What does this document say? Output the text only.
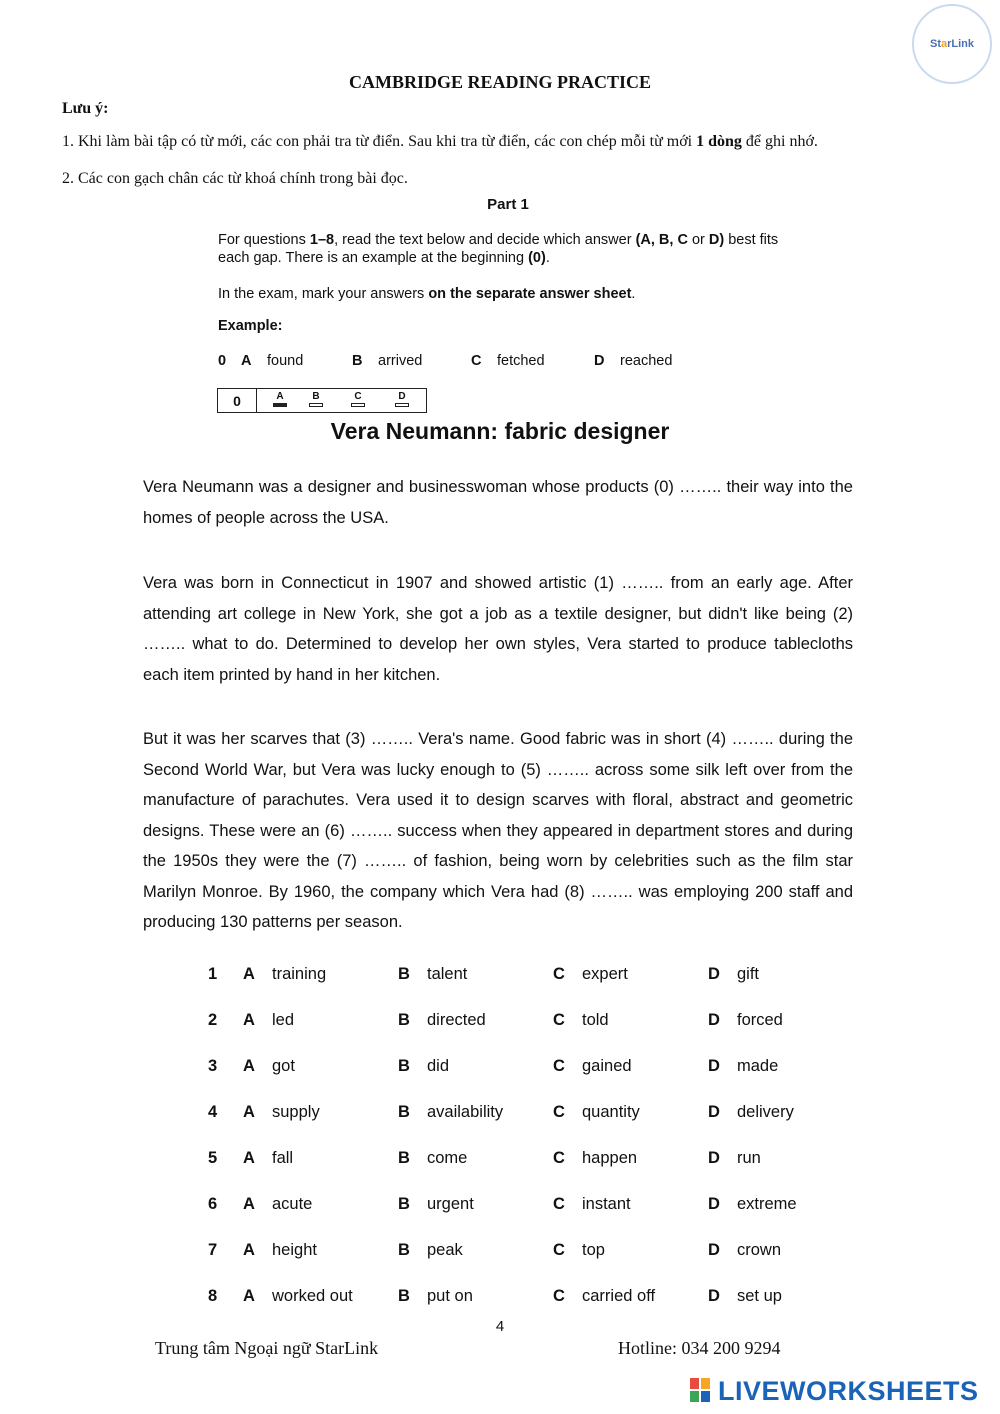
St a rLink
CAMBRIDGE READING PRACTICE
Lưu ý:
1. Khi làm bài tập có từ mới, các con phải tra từ điển. Sau khi tra từ điển, các con chép mỗi từ mới 1 dòng để ghi nhớ.
2. Các con gạch chân các từ khoá chính trong bài đọc.
Part 1
For questions 1–8, read the text below and decide which answer (A, B, C or D) best fits each gap. There is an example at the beginning (0).
In the exam, mark your answers on the separate answer sheet.
Example:
0 A found	B arrived	C fetched	D reached
0	A	B	C	D
Vera Neumann: fabric designer
Vera Neumann was a designer and businesswoman whose products (0) …….. their way into the homes of people across the USA.
Vera was born in Connecticut in 1907 and showed artistic (1) …….. from an early age. After attending art college in New York, she got a job as a textile designer, but didn't like being (2) …….. what to do. Determined to develop her own styles, Vera started to produce tablecloths each item printed by hand in her kitchen.
But it was her scarves that (3) …….. Vera's name. Good fabric was in short (4) …….. during the Second World War, but Vera was lucky enough to (5) …….. across some silk left over from the manufacture of parachutes. Vera used it to design scarves with floral, abstract and geometric designs. These were an (6) …….. success when they appeared in department stores and during the 1950s they were the (7) …….. of fashion, being worn by celebrities such as the film star Marilyn Monroe. By 1960, the company which Vera had (8) …….. was employing 200 staff and producing 130 patterns per season.
1 A training	B talent	C expert	D gift
2 A led	B directed	C told	D forced
3 A got	B did	C gained	D made
4 A supply	B availability	C quantity	D delivery
5 A fall	B come	C happen	D run
6 A acute	B urgent	C instant	D extreme
7 A height	B peak	C top	D crown
8 A worked out	B put on	C carried off	D set up
4
Trung tâm Ngoại ngữ StarLink	Hotline: 034 200 9294
LIVEWORKSHEETS
